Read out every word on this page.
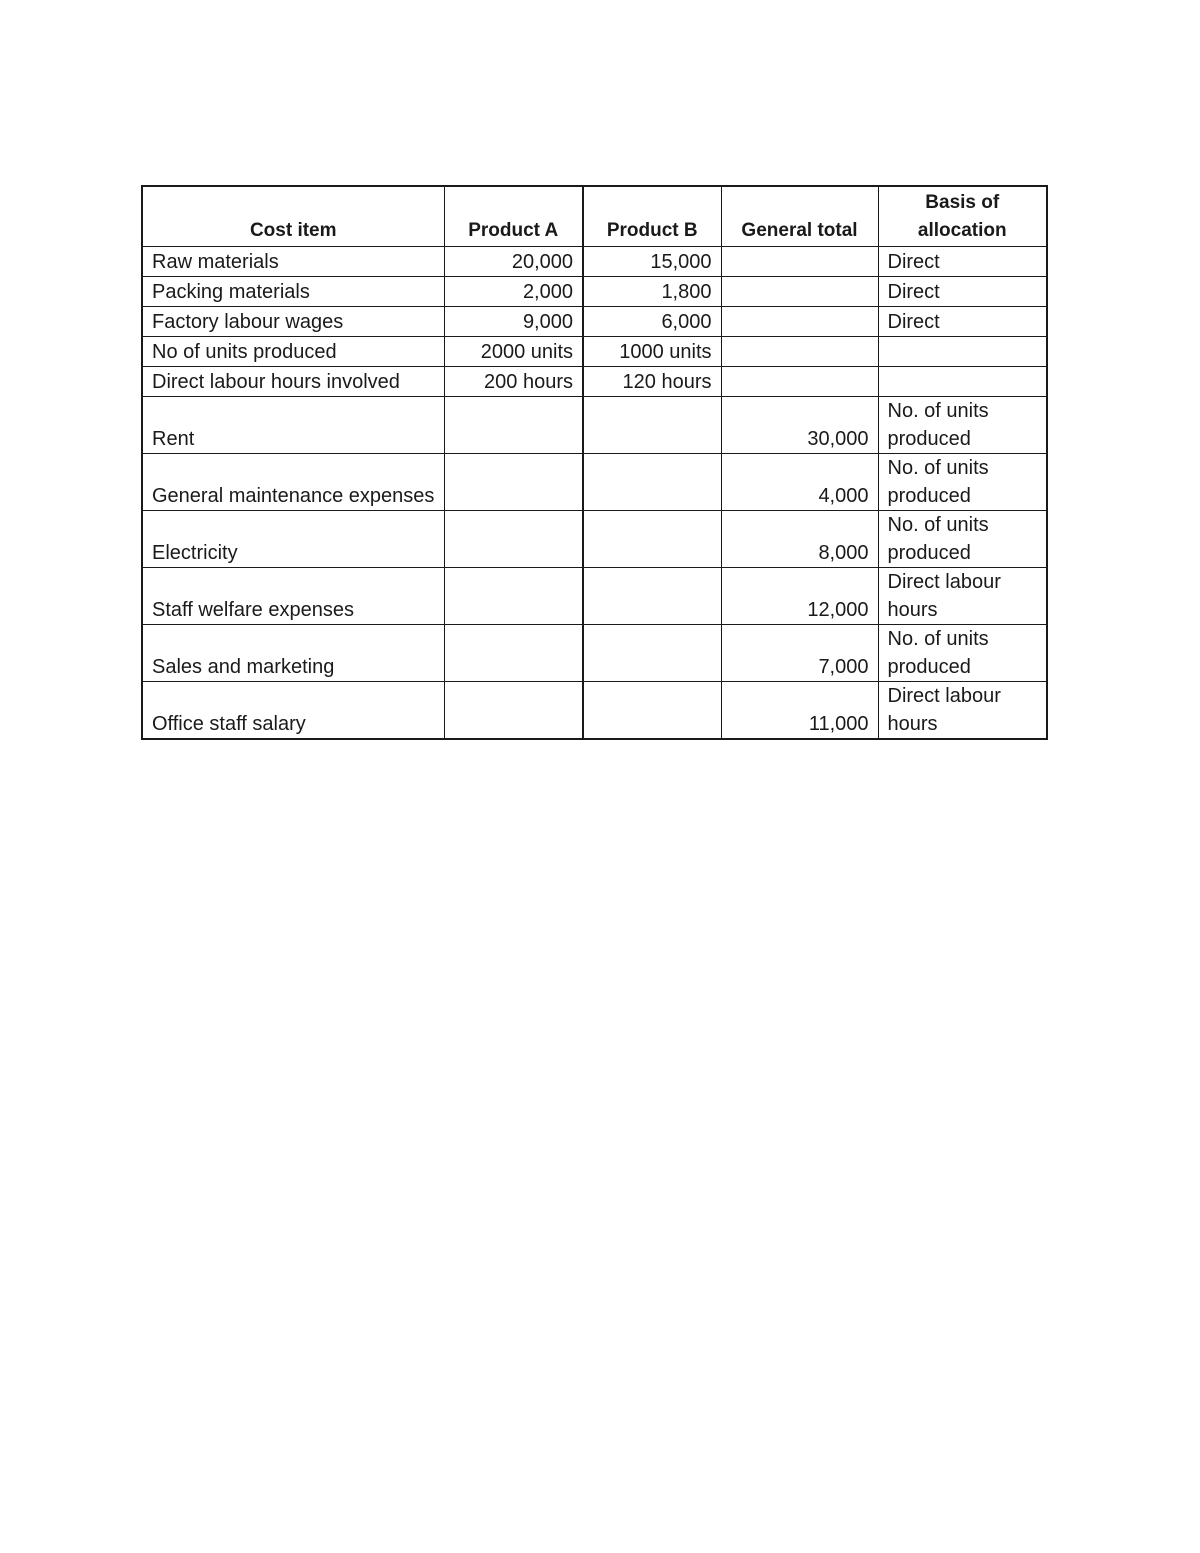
Cost item	Product A	Product B	General total	Basis of
allocation

Raw materials	20,000	15,000		Direct
Packing materials	2,000	1,800		Direct
Factory labour wages	9,000	6,000		Direct
No of units produced	2000 units	1000 units		
Direct labour hours involved	200 hours	120 hours		
Rent			30,000	No. of units
produced

General maintenance expenses			4,000	No. of units
produced

Electricity			8,000	No. of units
produced

Staff welfare expenses			12,000	Direct labour
hours

Sales and marketing			7,000	No. of units
produced

Office staff salary			11,000	Direct labour
hours
